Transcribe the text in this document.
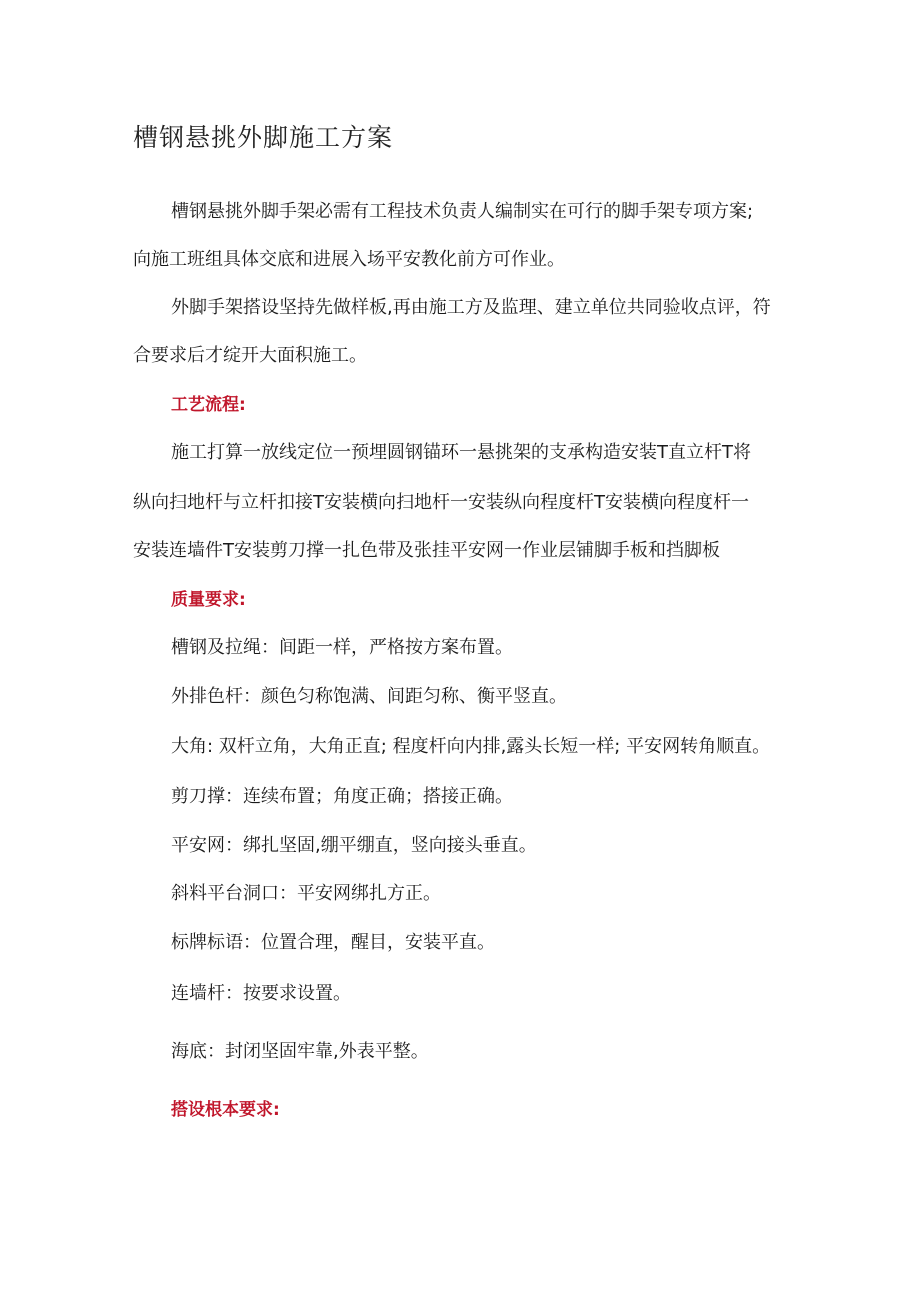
槽钢悬挑外脚施工方案
槽钢悬挑外脚手架必需有工程技术负责人编制实在可行的脚手架专项方案;
向施工班组具体交底和进展入场平安教化前方可作业。
外脚手架搭设坚持先做样板,再由施工方及监理、建立单位共同验收点评，符
合要求后才绽开大面积施工。
工艺流程:
施工打算一放线定位一预埋圆钢锚环一悬挑架的支承构造安装T直立杆T将
纵向扫地杆与立杆扣接T安装横向扫地杆一安装纵向程度杆T安装横向程度杆一
安装连墙件T安装剪刀撑一扎色带及张挂平安网一作业层铺脚手板和挡脚板
质量要求:
槽钢及拉绳：间距一样，严格按方案布置。
外排色杆：颜色匀称饱满、间距匀称、衡平竖直。
大角: 双杆立角，大角正直; 程度杆向内排,露头长短一样; 平安网转角顺直。
剪刀撑：连续布置；角度正确；搭接正确。
平安网：绑扎坚固,绷平绷直，竖向接头垂直。
斜料平台洞口：平安网绑扎方正。
标牌标语：位置合理，醒目，安装平直。
连墙杆：按要求设置。
海底：封闭坚固牢靠,外表平整。
搭设根本要求:
